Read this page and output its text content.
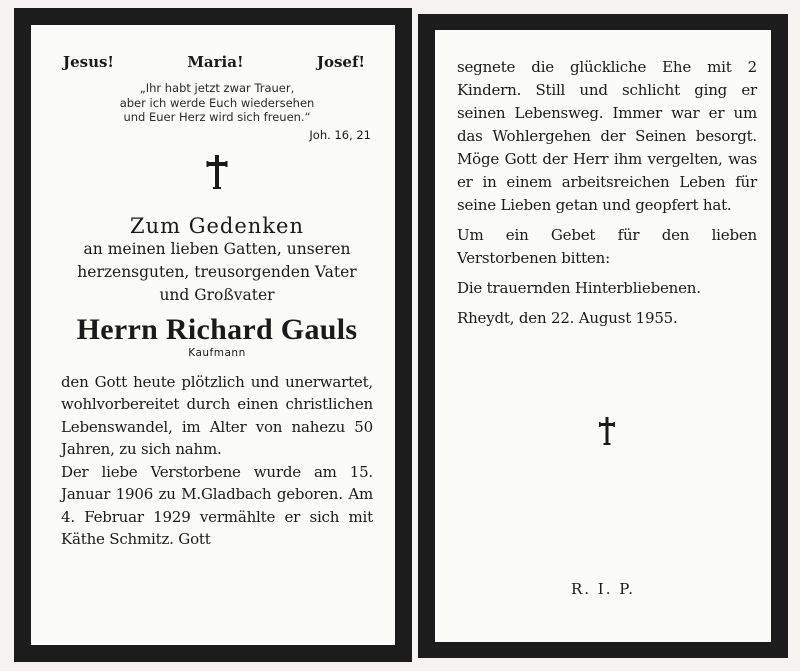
Jesus!	Maria!	Josef!
„Ihr habt jetzt zwar Trauer,
aber ich werde Euch wiedersehen
und Euer Herz wird sich freuen.“
Joh. 16, 21
Zum Gedenken
an meinen lieben Gatten, unseren
herzensguten, treusorgenden Vater
und Großvater
Herrn Richard Gauls
Kaufmann

den Gott heute plötzlich und unerwartet, wohlvorbereitet durch einen christlichen Lebenswandel, im Alter von nahezu 50 Jahren, zu sich nahm.

Der liebe Verstorbene wurde am 15. Januar 1906 zu M.Gladbach geboren. Am 4. Februar 1929 vermählte er sich mit Käthe Schmitz. Gott

segnete die glückliche Ehe mit 2 Kindern. Still und schlicht ging er seinen Lebensweg. Immer war er um das Wohlergehen der Seinen besorgt. Möge Gott der Herr ihm vergelten, was er in einem arbeitsreichen Leben für seine Lieben getan und geopfert hat.

Um ein Gebet für den lieben Verstorbenen bitten:

Die trauernden Hinterbliebenen.

Rheydt, den 22. August 1955.

R. I. P.
